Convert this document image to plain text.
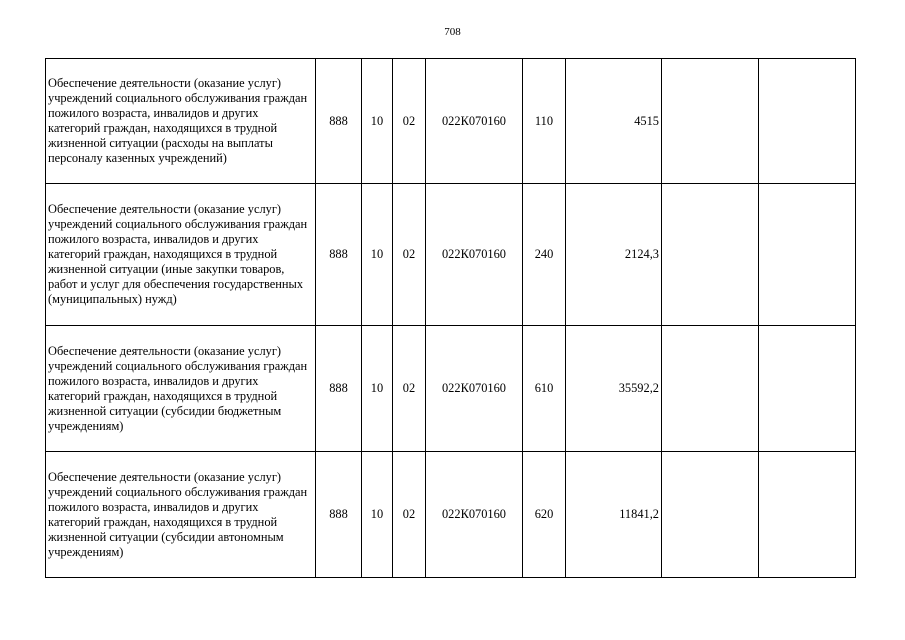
708
Обеспечение деятельности (оказание услуг) учреждений социального обслуживания граждан пожилого возраста, инвалидов и других категорий граждан, находящихся в трудной жизненной ситуации (расходы на выплаты персоналу казенных учреждений)	888	10	02	022К070160	110	4515		
Обеспечение деятельности (оказание услуг) учреждений социального обслуживания граждан пожилого возраста, инвалидов и других категорий граждан, находящихся в трудной жизненной ситуации (иные закупки товаров, работ и услуг для обеспечения государственных (муниципальных) нужд)	888	10	02	022К070160	240	2124,3		
Обеспечение деятельности (оказание услуг) учреждений социального обслуживания граждан пожилого возраста, инвалидов и других категорий граждан, находящихся в трудной жизненной ситуации (субсидии бюджетным учреждениям)	888	10	02	022К070160	610	35592,2		
Обеспечение деятельности (оказание услуг) учреждений социального обслуживания граждан пожилого возраста, инвалидов и других категорий граждан, находящихся в трудной жизненной ситуации (субсидии автономным учреждениям)	888	10	02	022К070160	620	11841,2		
